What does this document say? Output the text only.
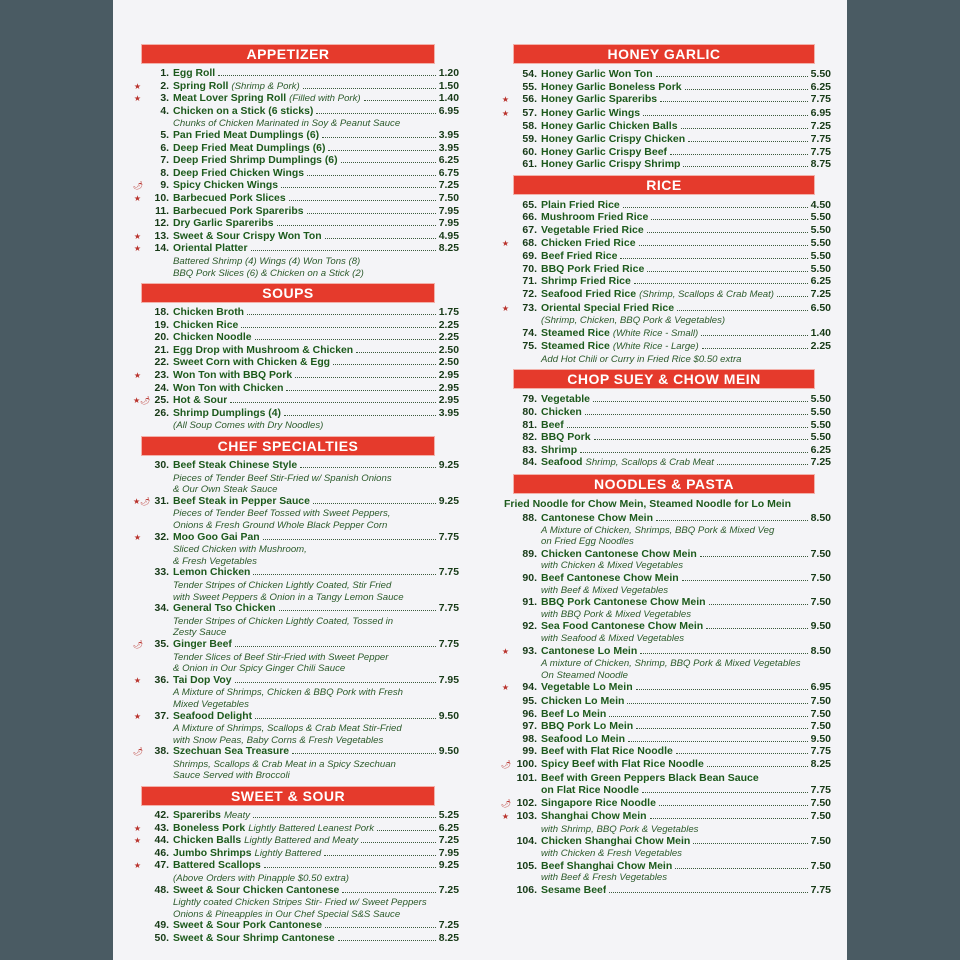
APPETIZER
1. Egg Roll	1.20
★	2. Spring Roll (Shrimp & Pork)	1.50
★	3. Meat Lover Spring Roll (Filled with Pork)	1.40
4. Chicken on a Stick (6 sticks)	6.95
Chunks of Chicken Marinated in Soy & Peanut Sauce
5. Pan Fried Meat Dumplings (6)	3.95
6. Deep Fried Meat Dumplings (6)	3.95
7. Deep Fried Shrimp Dumplings (6)	6.25
8. Deep Fried Chicken Wings	6.75
🌶	9. Spicy Chicken Wings	7.25
★	10. Barbecued Pork Slices	7.50
11. Barbecued Pork Spareribs	7.95
12. Dry Garlic Spareribs	7.95
★	13. Sweet & Sour Crispy Won Ton	4.95
★	14. Oriental Platter	8.25
Battered Shrimp (4) Wings (4) Won Tons (8)
BBQ Pork Slices (6) & Chicken on a Stick (2)
SOUPS
18. Chicken Broth	1.75
19. Chicken Rice	2.25
20. Chicken Noodle	2.25
21. Egg Drop with Mushroom & Chicken	2.50
22. Sweet Corn with Chicken & Egg	2.50
★	23. Won Ton with BBQ Pork	2.95
24. Won Ton with Chicken	2.95
★🌶 25. Hot & Sour	2.95
26. Shrimp Dumplings (4)	3.95
(All Soup Comes with Dry Noodles)
CHEF SPECIALTIES
30. Beef Steak Chinese Style	9.25
Pieces of Tender Beef Stir-Fried w/ Spanish Onions
& Our Own Steak Sauce
★🌶 31. Beef Steak in Pepper Sauce	9.25
Pieces of Tender Beef Tossed with Sweet Peppers,
Onions & Fresh Ground Whole Black Pepper Corn
★	32. Moo Goo Gai Pan	7.75
Sliced Chicken with Mushroom,
& Fresh Vegetables
33. Lemon Chicken	7.75
Tender Stripes of Chicken Lightly Coated, Stir Fried
with Sweet Peppers & Onion in a Tangy Lemon Sauce
34. General Tso Chicken	7.75
Tender Stripes of Chicken Lightly Coated, Tossed in
Zesty Sauce
🌶	35. Ginger Beef	7.75
Tender Slices of Beef Stir-Fried with Sweet Pepper
& Onion in Our Spicy Ginger Chili Sauce
★	36. Tai Dop Voy	7.95
A Mixture of Shrimps, Chicken & BBQ Pork with Fresh
Mixed Vegetables
★	37. Seafood Delight	9.50
A Mixture of Shrimps, Scallops & Crab Meat Stir-Fried
with Snow Peas, Baby Corns & Fresh Vegetables
🌶	38. Szechuan Sea Treasure	9.50
Shrimps, Scallops & Crab Meat in a Spicy Szechuan
Sauce Served with Broccoli
SWEET & SOUR
42. Spareribs Meaty	5.25
★	43. Boneless Pork Lightly Battered Leanest Pork	6.25
★	44. Chicken Balls Lightly Battered and Meaty	7.25
46. Jumbo Shrimps Lightly Battered	7.95
★	47. Battered Scallops	9.25
(Above Orders with Pinapple $0.50 extra)
48. Sweet & Sour Chicken Cantonese	7.25
Lightly coated Chicken Stripes Stir- Fried w/ Sweet Peppers
Onions & Pineapples in Our Chef Special S&S Sauce
49. Sweet & Sour Pork Cantonese	7.25
50. Sweet & Sour Shrimp Cantonese	8.25
HONEY GARLIC
54. Honey Garlic Won Ton	5.50
55. Honey Garlic Boneless Pork	6.25
★	56. Honey Garlic Spareribs	7.75
★	57. Honey Garlic Wings	6.95
58. Honey Garlic Chicken Balls	7.25
59. Honey Garlic Crispy Chicken	7.75
60. Honey Garlic Crispy Beef	7.75
61. Honey Garlic Crispy Shrimp	8.75
RICE
65. Plain Fried Rice	4.50
66. Mushroom Fried Rice	5.50
67. Vegetable Fried Rice	5.50
★	68. Chicken Fried Rice	5.50
69. Beef Fried Rice	5.50
70. BBQ Pork Fried Rice	5.50
71. Shrimp Fried Rice	6.25
72. Seafood Fried Rice (Shrimp, Scallops & Crab Meat)	7.25
★	73. Oriental Special Fried Rice	6.50
(Shrimp, Chicken, BBQ Pork & Vegetables)
74. Steamed Rice (White Rice - Small)	1.40
75. Steamed Rice (White Rice - Large)	2.25
Add Hot Chili or Curry in Fried Rice $0.50 extra
CHOP SUEY & CHOW MEIN
79. Vegetable	5.50
80. Chicken	5.50
81. Beef	5.50
82. BBQ Pork	5.50
83. Shrimp	6.25
84. Seafood Shrimp, Scallops & Crab Meat	7.25
NOODLES & PASTA
Fried Noodle for Chow Mein, Steamed Noodle for Lo Mein
88. Cantonese Chow Mein	8.50
A Mixture of Chicken, Shrimps, BBQ Pork & Mixed Veg
on Fried Egg Noodles
89. Chicken Cantonese Chow Mein	7.50
with Chicken & Mixed Vegetables
90. Beef Cantonese Chow Mein	7.50
with Beef & Mixed Vegetables
91. BBQ Pork Cantonese Chow Mein	7.50
with BBQ Pork & Mixed Vegetables
92. Sea Food Cantonese Chow Mein	9.50
with Seafood & Mixed Vegetables
★	93. Cantonese Lo Mein	8.50
A mixture of Chicken, Shrimp, BBQ Pork & Mixed Vegetables
On Steamed Noodle
★	94. Vegetable Lo Mein	6.95
95. Chicken Lo Mein	7.50
96. Beef Lo Mein	7.50
97. BBQ Pork Lo Mein	7.50
98. Seafood Lo Mein	9.50
99. Beef with Flat Rice Noodle	7.75
🌶 100. Spicy Beef with Flat Rice Noodle	8.25
101. Beef with Green Peppers Black Bean Sauce
on Flat Rice Noodle	7.75
🌶 102. Singapore Rice Noodle	7.50
★ 103. Shanghai Chow Mein	7.50
with Shrimp, BBQ Pork & Vegetables
104. Chicken Shanghai Chow Mein	7.50
with Chicken & Fresh Vegetables
105. Beef Shanghai Chow Mein	7.50
with Beef & Fresh Vegetables
106. Sesame Beef	7.75
